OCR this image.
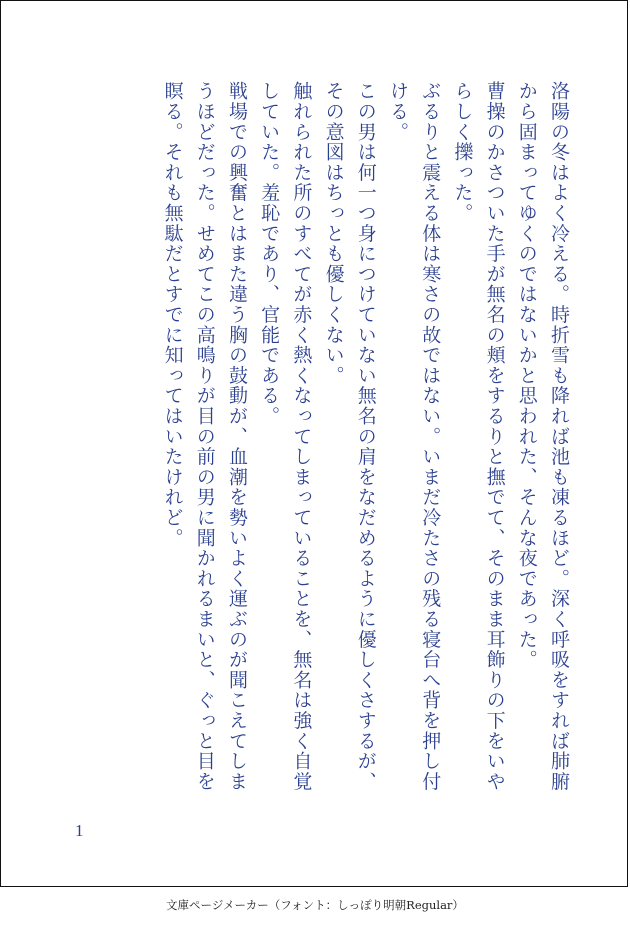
洛陽の冬はよく冷える。時折雪も降れば池も凍るほど。深く呼吸をすれば肺腑から固まってゆくのではないかと思われた、そんな夜であった。

曹操のかさついた手が無名の頬をするりと撫でて、そのまま耳飾りの下をいやらしく擽った。

ぶるりと震える体は寒さの故ではない。いまだ冷たさの残る寝台へ背を押し付ける。

この男は何一つ身につけていない無名の肩をなだめるように優しくさするが、その意図はちっとも優しくない。

触れられた所のすべてが赤く熱くなってしまっていることを、無名は強く自覚していた。羞恥であり、官能である。

戦場での興奮とはまた違う胸の鼓動が、血潮を勢いよく運ぶのが聞こえてしまうほどだった。せめてこの高鳴りが目の前の男に聞かれるまいと、ぐっと目を瞑る。それも無駄だとすでに知ってはいたけれど。

1
文庫ページメーカー（フォント：しっぽり明朝Regular）
